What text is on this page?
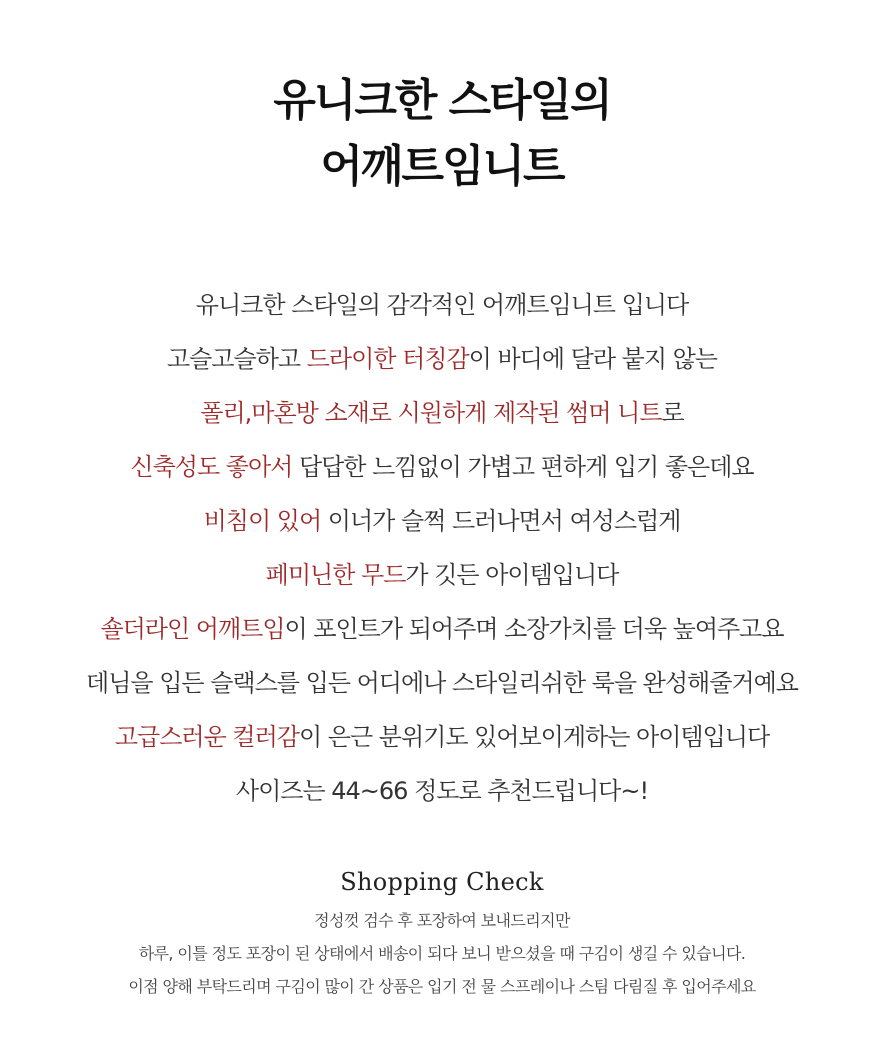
유니크한 스타일의
어깨트임니트
유니크한 스타일의 감각적인 어깨트임니트 입니다
고슬고슬하고 드라이한 터칭감이 바디에 달라 붙지 않는
폴리,마혼방 소재로 시원하게 제작된 썸머 니트로
신축성도 좋아서 답답한 느낌없이 가볍고 편하게 입기 좋은데요
비침이 있어 이너가 슬쩍 드러나면서 여성스럽게
페미닌한 무드가 깃든 아이템입니다
숄더라인 어깨트임이 포인트가 되어주며 소장가치를 더욱 높여주고요
데님을 입든 슬랙스를 입든 어디에나 스타일리쉬한 룩을 완성해줄거예요
고급스러운 컬러감이 은근 분위기도 있어보이게하는 아이템입니다
사이즈는 44~66 정도로 추천드립니다~!
Shopping Check
정성껏 검수 후 포장하여 보내드리지만
하루, 이틀 정도 포장이 된 상태에서 배송이 되다 보니 받으셨을 때 구김이 생길 수 있습니다.
이점 양해 부탁드리며 구김이 많이 간 상품은 입기 전 물 스프레이나 스팀 다림질 후 입어주세요
